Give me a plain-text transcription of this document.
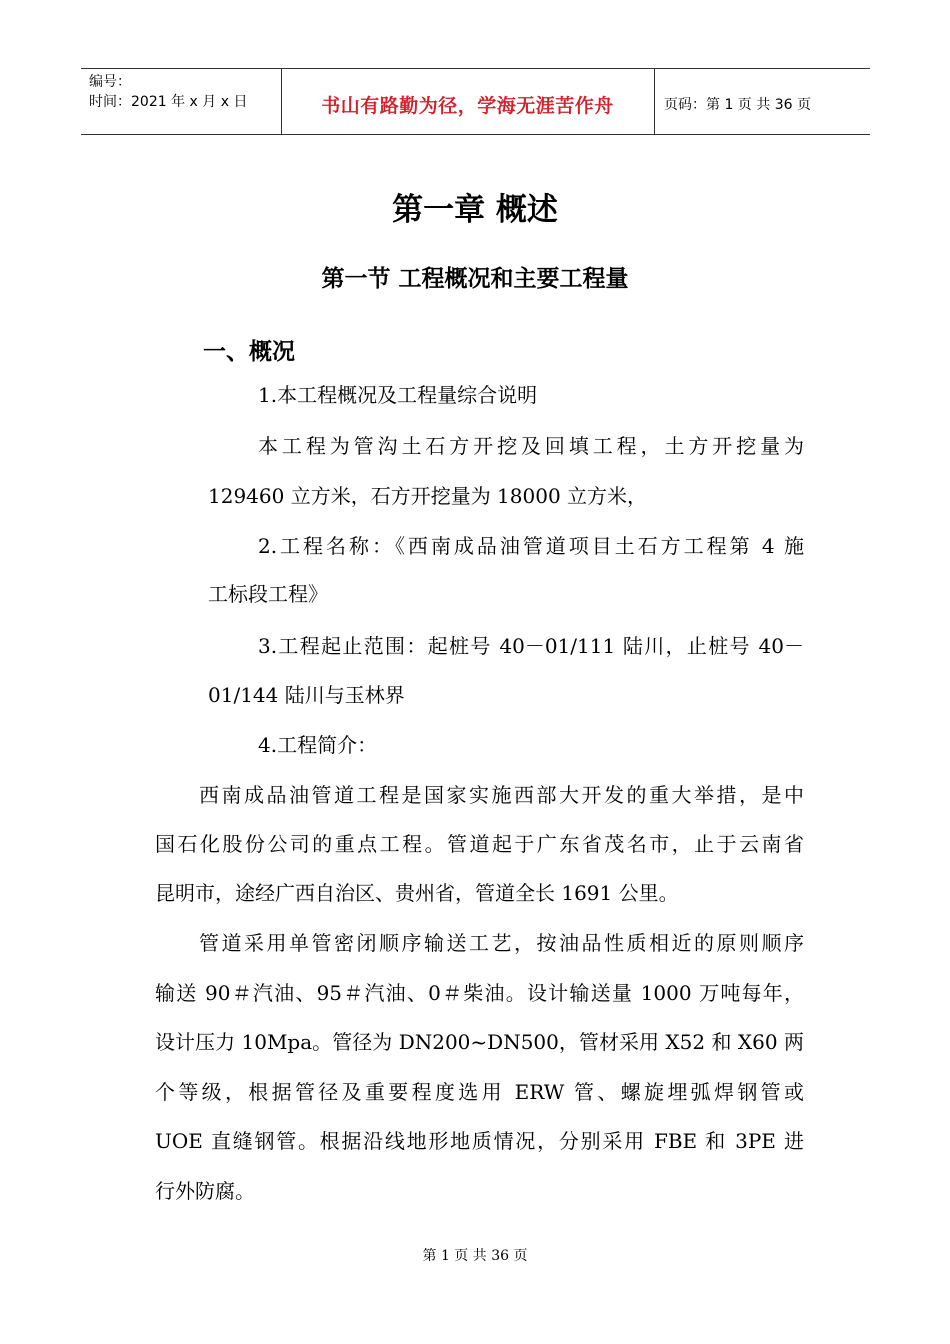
编号：
时间：2021 年 x 月 x 日	书山有路勤为径，学海无涯苦作舟	页码：第 1 页 共 36 页
第一章 概述
第一节 工程概况和主要工程量
一、概况
1.本工程概况及工程量综合说明
本工程为管沟土石方开挖及回填工程，土方开挖量为
129460 立方米，石方开挖量为 18000 立方米，
2.工程名称：《西南成品油管道项目土石方工程第 4 施
工标段工程》
3.工程起止范围：起桩号 40－01/111 陆川，止桩号 40－
01/144 陆川与玉林界
4.工程简介：
西南成品油管道工程是国家实施西部大开发的重大举措，是中
国石化股份公司的重点工程。管道起于广东省茂名市，止于云南省
昆明市，途经广西自治区、贵州省，管道全长 1691 公里。
管道采用单管密闭顺序输送工艺，按油品性质相近的原则顺序
输送 90＃汽油、95＃汽油、0＃柴油。设计输送量 1000 万吨每年，
设计压力 10Mpa。管径为 DN200~DN500，管材采用 X52 和 X60 两
个等级，根据管径及重要程度选用 ERW 管、螺旋埋弧焊钢管或
UOE 直缝钢管。根据沿线地形地质情况，分别采用 FBE 和 3PE 进
行外防腐。
第 1 页 共 36 页
